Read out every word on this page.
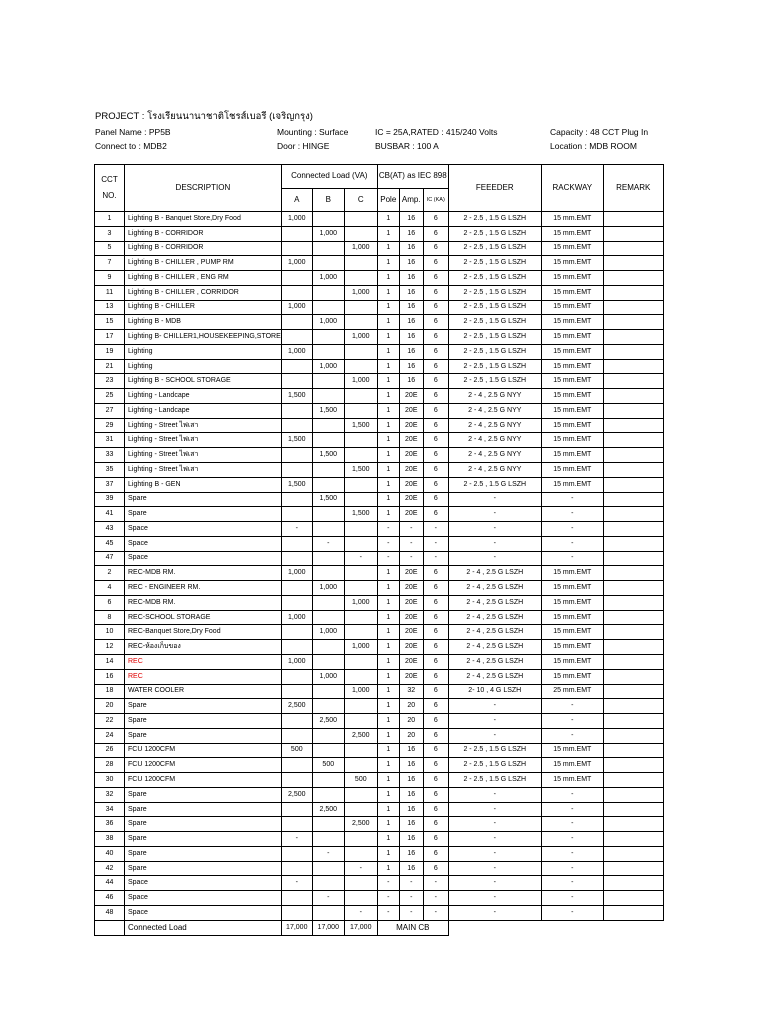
PROJECT : โรงเรียนนานาชาติโชรส์เบอรี (เจริญกรุง)
Panel Name : PP5B	Mounting : Surface	IC = 25A,RATED : 415/240 Volts	Capacity : 48 CCT Plug In
Connect to : MDB2	Door : HINGE	BUSBAR : 100 A	Location : MDB ROOM
CCT
NO.	DESCRIPTION	Connected Load (VA)			CB(AT) as IEC 898			FEEEDER	RACKWAY	REMARK
		A	B	C	Pole	Amp.	IC (KA)			
1	Lighting B - Banquet Store,Dry Food	1,000			1	16	6	2 - 2.5 , 1.5 G LSZH	15 mm.EMT	
3	Lighting B - CORRIDOR		1,000		1	16	6	2 - 2.5 , 1.5 G LSZH	15 mm.EMT	
5	Lighting B - CORRIDOR			1,000	1	16	6	2 - 2.5 , 1.5 G LSZH	15 mm.EMT	
7	Lighting B - CHILLER , PUMP RM	1,000			1	16	6	2 - 2.5 , 1.5 G LSZH	15 mm.EMT	
9	Lighting B - CHILLER , ENG RM		1,000		1	16	6	2 - 2.5 , 1.5 G LSZH	15 mm.EMT	
11	Lighting B - CHILLER , CORRIDOR			1,000	1	16	6	2 - 2.5 , 1.5 G LSZH	15 mm.EMT	
13	Lighting B - CHILLER	1,000			1	16	6	2 - 2.5 , 1.5 G LSZH	15 mm.EMT	
15	Lighting B - MDB		1,000		1	16	6	2 - 2.5 , 1.5 G LSZH	15 mm.EMT	
17	Lighting B- CHILLER1,HOUSEKEEPING,STORE			1,000	1	16	6	2 - 2.5 , 1.5 G LSZH	15 mm.EMT	
19	Lighting	1,000			1	16	6	2 - 2.5 , 1.5 G LSZH	15 mm.EMT	
21	Lighting		1,000		1	16	6	2 - 2.5 , 1.5 G LSZH	15 mm.EMT	
23	Lighting B - SCHOOL STORAGE			1,000	1	16	6	2 - 2.5 , 1.5 G LSZH	15 mm.EMT	
25	Lighting - Landcape	1,500			1	20E	6	2 - 4 , 2.5 G NYY	15 mm.EMT	
27	Lighting - Landcape		1,500		1	20E	6	2 - 4 , 2.5 G NYY	15 mm.EMT	
29	Lighting - Street ไฟเสา			1,500	1	20E	6	2 - 4 , 2.5 G NYY	15 mm.EMT	
31	Lighting - Street ไฟเสา	1,500			1	20E	6	2 - 4 , 2.5 G NYY	15 mm.EMT	
33	Lighting - Street ไฟเสา		1,500		1	20E	6	2 - 4 , 2.5 G NYY	15 mm.EMT	
35	Lighting - Street ไฟเสา			1,500	1	20E	6	2 - 4 , 2.5 G NYY	15 mm.EMT	
37	Lighting B - GEN	1,500			1	20E	6	2 - 2.5 , 1.5 G LSZH	15 mm.EMT	
39	Spare		1,500		1	20E	6	-	-	
41	Spare			1,500	1	20E	6	-	-	
43	Space	-			-	-	-	-	-	
45	Space		-		-	-	-	-	-	
47	Space			-	-	-	-	-	-	
2	REC-MDB RM.	1,000			1	20E	6	2 - 4 , 2.5 G LSZH	15 mm.EMT	
4	REC - ENGINEER RM.		1,000		1	20E	6	2 - 4 , 2.5 G LSZH	15 mm.EMT	
6	REC-MDB RM.			1,000	1	20E	6	2 - 4 , 2.5 G LSZH	15 mm.EMT	
8	REC-SCHOOL STORAGE	1,000			1	20E	6	2 - 4 , 2.5 G LSZH	15 mm.EMT	
10	REC-Banquet Store,Dry Food		1,000		1	20E	6	2 - 4 , 2.5 G LSZH	15 mm.EMT	
12	REC-ห้องเก็บของ			1,000	1	20E	6	2 - 4 , 2.5 G LSZH	15 mm.EMT	
14	REC	1,000			1	20E	6	2 - 4 , 2.5 G LSZH	15 mm.EMT	
16	REC		1,000		1	20E	6	2 - 4 , 2.5 G LSZH	15 mm.EMT	
18	WATER COOLER			1,000	1	32	6	2- 10 , 4 G LSZH	25 mm.EMT	
20	Spare	2,500			1	20	6	-	-	
22	Spare		2,500		1	20	6	-	-	
24	Spare			2,500	1	20	6	-	-	
26	FCU 1200CFM	500			1	16	6	2 - 2.5 , 1.5 G LSZH	15 mm.EMT	
28	FCU 1200CFM		500		1	16	6	2 - 2.5 , 1.5 G LSZH	15 mm.EMT	
30	FCU 1200CFM			500	1	16	6	2 - 2.5 , 1.5 G LSZH	15 mm.EMT	
32	Spare	2,500			1	16	6	-	-	
34	Spare		2,500		1	16	6	-	-	
36	Spare			2,500	1	16	6	-	-	
38	Spare	-			1	16	6	-	-	
40	Spare		-		1	16	6	-	-	
42	Spare			-	1	16	6	-	-	
44	Space	-			-	-	-	-	-	
46	Space		-		-	-	-	-	-	
48	Space			-	-	-	-	-	-	
	Connected Load	17,000	17,000	17,000	MAIN CB					
